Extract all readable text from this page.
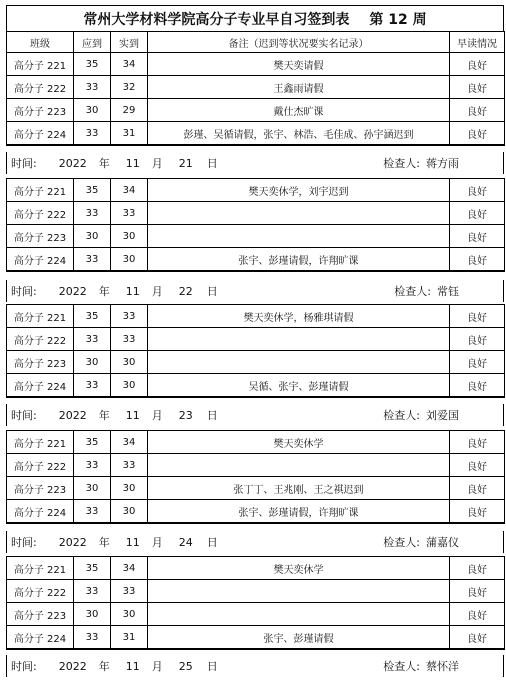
常州大学材料学院高分子专业早自习签到表 第 12 周
班级	应到	实到	备注（迟到等状况要实名记录）	早读情况
高分子 221	35	34	樊天奕请假	良好
高分子 222	33	32	王鑫雨请假	良好
高分子 223	30	29	戴仕杰旷课	良好
高分子 224	33	31	彭瑾、吴循请假，张宇、林浩、毛佳成、孙宇涵迟到	良好
时间: 2022 年 11 月 21 日	检查人: 蒋方雨
高分子 221	35	34	樊天奕休学，刘宇迟到	良好
高分子 222	33	33		良好
高分子 223	30	30		良好
高分子 224	33	30	张宇、彭瑾请假，许翔旷课	良好
时间: 2022 年 11 月 22 日	检查人: 常钰
高分子 221	35	33	樊天奕休学，杨雅琪请假	良好
高分子 222	33	33		良好
高分子 223	30	30		良好
高分子 224	33	30	吴循、张宇、彭瑾请假	良好
时间: 2022 年 11 月 23 日	检查人: 刘爱国
高分子 221	35	34	樊天奕休学	良好
高分子 222	33	33		良好
高分子 223	30	30	张丁丁、王兆刚、王之祺迟到	良好
高分子 224	33	30	张宇、彭瑾请假，许翔旷课	良好
时间: 2022 年 11 月 24 日	检查人: 蒲嘉仪
高分子 221	35	34	樊天奕休学	良好
高分子 222	33	33		良好
高分子 223	30	30		良好
高分子 224	33	31	张宇、彭瑾请假	良好
时间: 2022 年 11 月 25 日	检查人: 蔡怀洋
